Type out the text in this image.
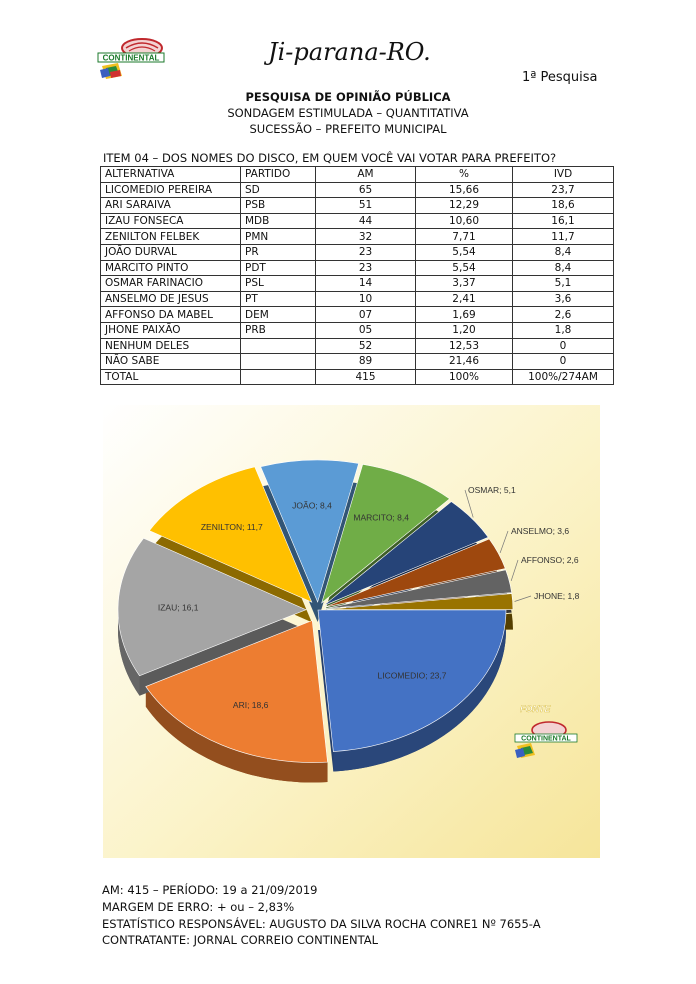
CONTINENTAL	Ji-parana-RO.
1ª Pesquisa
PESQUISA DE OPINIÃO PÚBLICA
SONDAGEM ESTIMULADA – QUANTITATIVA
SUCESSÃO – PREFEITO MUNICIPAL
ITEM 04 – DOS NOMES DO DISCO, EM QUEM VOCÊ VAI VOTAR PARA PREFEITO?
ALTERNATIVA	PARTIDO	AM	%	IVD
LICOMEDIO PEREIRA	SD	65	15,66	23,7
ARI SARAIVA	PSB	51	12,29	18,6
IZAU FONSECA	MDB	44	10,60	16,1
ZENILTON FELBEK	PMN	32	7,71	11,7
JOÃO DURVAL	PR	23	5,54	8,4
MARCITO PINTO	PDT	23	5,54	8,4
OSMAR FARINACIO	PSL	14	3,37	5,1
ANSELMO DE JESUS	PT	10	2,41	3,6
AFFONSO DA MABEL	DEM	07	1,69	2,6
JHONE PAIXÃO	PRB	05	1,20	1,8
NENHUM DELES		52	12,53	0
NÃO SABE		89	21,46	0
TOTAL		415	100%	100%/274AM
LICOMEDIO; 23,7
ARI; 18,6
IZAU; 16,1
ZENILTON; 11,7
JOÃO; 8,4
MARCITO; 8,4
OSMAR; 5,1
ANSELMO; 3,6
AFFONSO; 2,6
JHONE; 1,8
FONTE
CONTINENTAL
AM: 415 – PERÍODO: 19 a 21/09/2019
MARGEM DE ERRO: + ou – 2,83%
ESTATÍSTICO RESPONSÁVEL: AUGUSTO DA SILVA ROCHA CONRE1 Nº 7655-A
CONTRATANTE: JORNAL CORREIO CONTINENTAL
